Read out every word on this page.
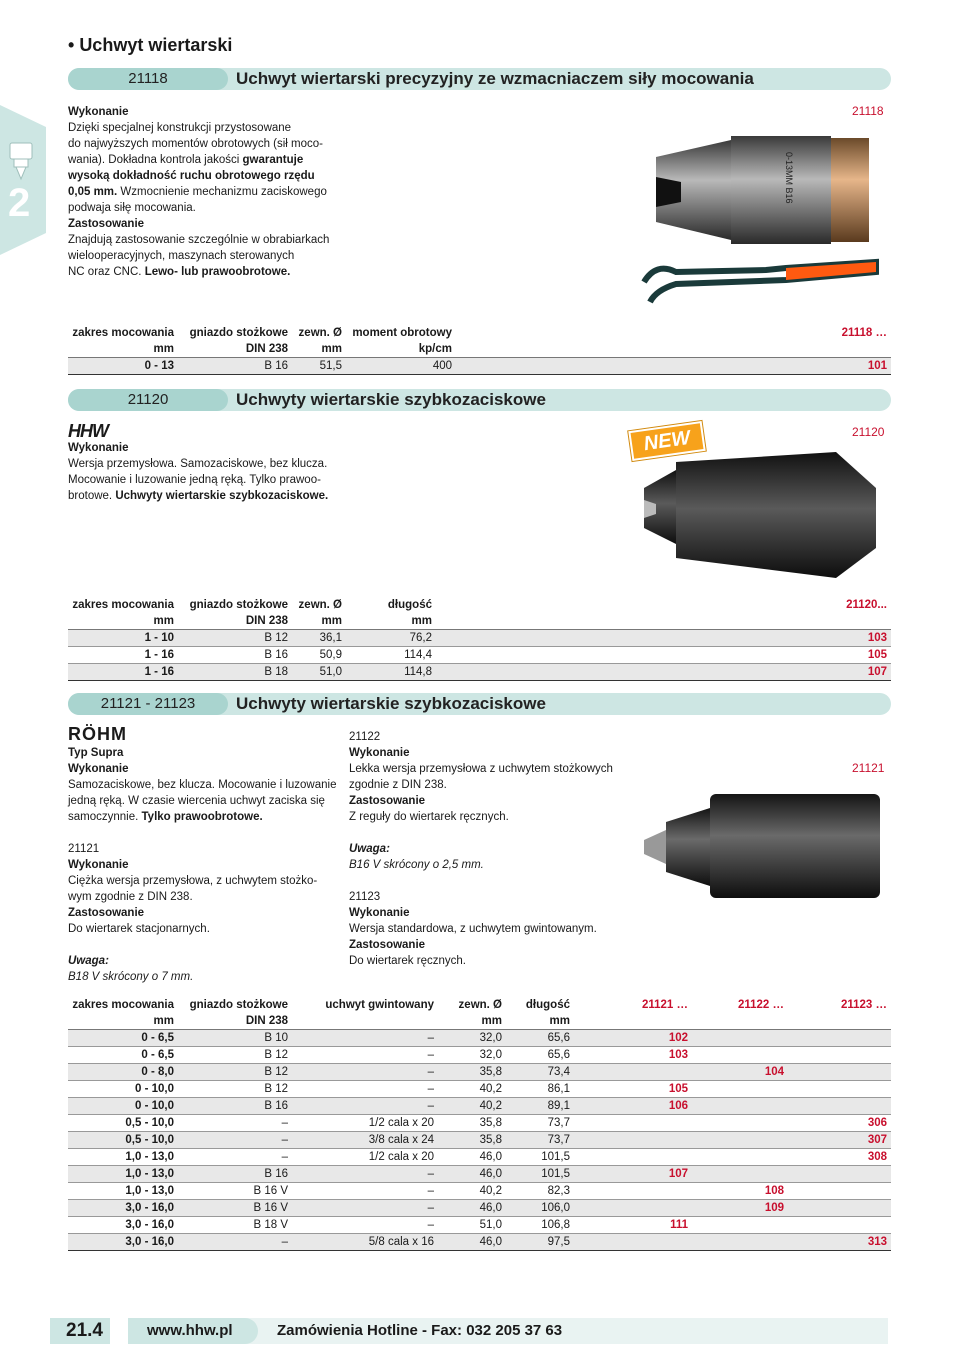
2
• Uchwyt wiertarski
21118	Uchwyt wiertarski precyzyjny ze wzmacniaczem siły mocowania
Wykonanie
Dzięki specjalnej konstrukcji przystosowane
do najwyższych momentów obrotowych (sił moco-
wania). Dokładna kontrola jakości gwarantuje
wysoką dokładność ruchu obrotowego rzędu
0,05 mm. Wzmocnienie mechanizmu zaciskowego
podwaja siłę mocowania.
Zastosowanie
Znajdują zastosowanie szczególnie w obrabiarkach
wielooperacyjnych, maszynach sterowanych
NC oraz CNC. Lewo- lub prawoobrotowe.
21118
0-13MM B16
zakres mocowania	gniazdo stożkowe	zewn. Ø	moment obrotowy	21118 …
mm	DIN 238	mm	kp/cm	
0 - 13	B 16	51,5	400	101
21120	Uchwyty wiertarskie szybkozaciskowe
HHW
Wykonanie
Wersja przemysłowa. Samozaciskowe, bez klucza.
Mocowanie i luzowanie jedną ręką. Tylko prawoo-
brotowe. Uchwyty wiertarskie szybkozaciskowe.
21120
NEW
zakres mocowania	gniazdo stożkowe	zewn. Ø	długość	21120...
mm	DIN 238	mm	mm	
1 - 10	B 12	36,1	76,2	103
1 - 16	B 16	50,9	114,4	105
1 - 16	B 18	51,0	114,8	107
21121 - 21123	Uchwyty wiertarskie szybkozaciskowe
RÖHM
Typ Supra
Wykonanie
Samozaciskowe, bez klucza. Mocowanie i luzowanie
jedną ręką. W czasie wiercenia uchwyt zaciska się
samoczynnie. Tylko prawoobrotowe.
21121
Wykonanie
Ciężka wersja przemysłowa, z uchwytem stożko-
wym zgodnie z DIN 238.
Zastosowanie
Do wiertarek stacjonarnych.
Uwaga:
B18 V skrócony o 7 mm.
21122
Wykonanie
Lekka wersja przemysłowa z uchwytem stożkowych
zgodnie z DIN 238.
Zastosowanie
Z reguły do wiertarek ręcznych.
Uwaga:
B16 V skrócony o 2,5 mm.
21123
Wykonanie
Wersja standardowa, z uchwytem gwintowanym.
Zastosowanie
Do wiertarek ręcznych.
21121
zakres mocowania	gniazdo stożkowe	uchwyt gwintowany	zewn. Ø	długość	21121 …	21122 …	21123 …
mm	DIN 238		mm	mm			
0 - 6,5	B 10	–	32,0	65,6	102		
0 - 6,5	B 12	–	32,0	65,6	103		
0 - 8,0	B 12	–	35,8	73,4		104	
0 - 10,0	B 12	–	40,2	86,1	105		
0 - 10,0	B 16	–	40,2	89,1	106		
0,5 - 10,0	–	1/2 cala x 20	35,8	73,7			306
0,5 - 10,0	–	3/8 cala x 24	35,8	73,7			307
1,0 - 13,0	–	1/2 cala x 20	46,0	101,5			308
1,0 - 13,0	B 16	–	46,0	101,5	107		
1,0 - 13,0	B 16 V	–	40,2	82,3		108	
3,0 - 16,0	B 16 V	–	46,0	106,0		109	
3,0 - 16,0	B 18 V	–	51,0	106,8	111		
3,0 - 16,0	–	5/8 cala x 16	46,0	97,5			313
21.4	www.hhw.pl	Zamówienia Hotline - Fax: 032 205 37 63
